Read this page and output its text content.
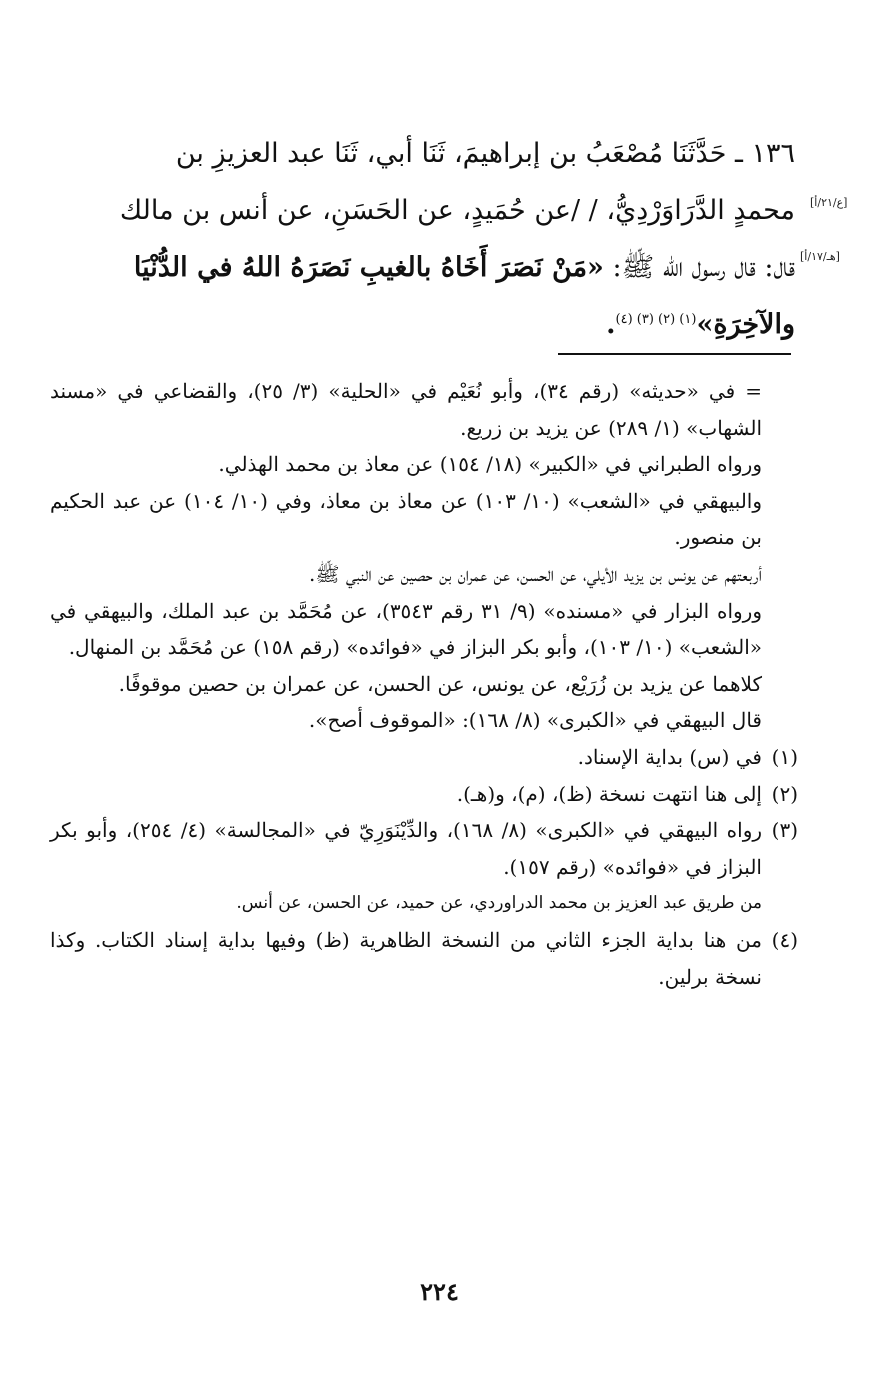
[ع/٢١/أ]
[هـ/١٧/أ]

١٣٦ ـ حَدَّثَنَا مُصْعَبُ بن إبراهيمَ، ثَنَا أبي، ثَنَا عبد العزيزِ بن

محمدٍ الدَّرَاوَرْدِيُّ، / /عن حُمَيدٍ، عن الحَسَنِ، عن أنس بن مالك

قال: قال رسول الله ﷺ: «مَنْ نَصَرَ أَخَاهُ بالغيبِ نَصَرَهُ اللهُ في الدُّنْيَا

والآخِرَةِ»$^{(١) (٢) (٣) (٤)}$.

= في «حديثه» (رقم ٣٤)، وأبو نُعَيْم في «الحلية» (٣/ ٢٥)، والقضاعي في «مسند الشهاب» (١/ ٢٨٩) عن يزيد بن زريع.

ورواه الطبراني في «الكبير» (١٨/ ١٥٤) عن معاذ بن محمد الهذلي.

والبيهقي في «الشعب» (١٠/ ١٠٣) عن معاذ بن معاذ، وفي (١٠/ ١٠٤) عن عبد الحكيم بن منصور.

أربعتهم عن يونس بن يزيد الأيلي، عن الحسن، عن عمران بن حصين عن النبي ﷺ.

ورواه البزار في «مسنده» (٩/ ٣١ رقم ٣٥٤٣)، عن مُحَمَّد بن عبد الملك، والبيهقي في «الشعب» (١٠/ ١٠٣)، وأبو بكر البزاز في «فوائده» (رقم ١٥٨) عن مُحَمَّد بن المنهال.

كلاهما عن يزيد بن زُرَيْع، عن يونس، عن الحسن، عن عمران بن حصين موقوفًا.

قال البيهقي في «الكبرى» (٨/ ١٦٨): «الموقوف أصح».

(١)
في (س) بداية الإسناد.
(٢)
إلى هنا انتهت نسخة (ظ)، (م)، و(هـ).
(٣)
رواه البيهقي في «الكبرى» (٨/ ١٦٨)، والدِّيْنَوَرِيّ في «المجالسة» (٤/ ٢٥٤)، وأبو بكر البزاز في «فوائده» (رقم ١٥٧).

من طريق عبد العزيز بن محمد الدراوردي، عن حميد، عن الحسن، عن أنس.

(٤)
من هنا بداية الجزء الثاني من النسخة الظاهرية (ظ) وفيها بداية إسناد الكتاب. وكذا نسخة برلين.
٢٢٤
